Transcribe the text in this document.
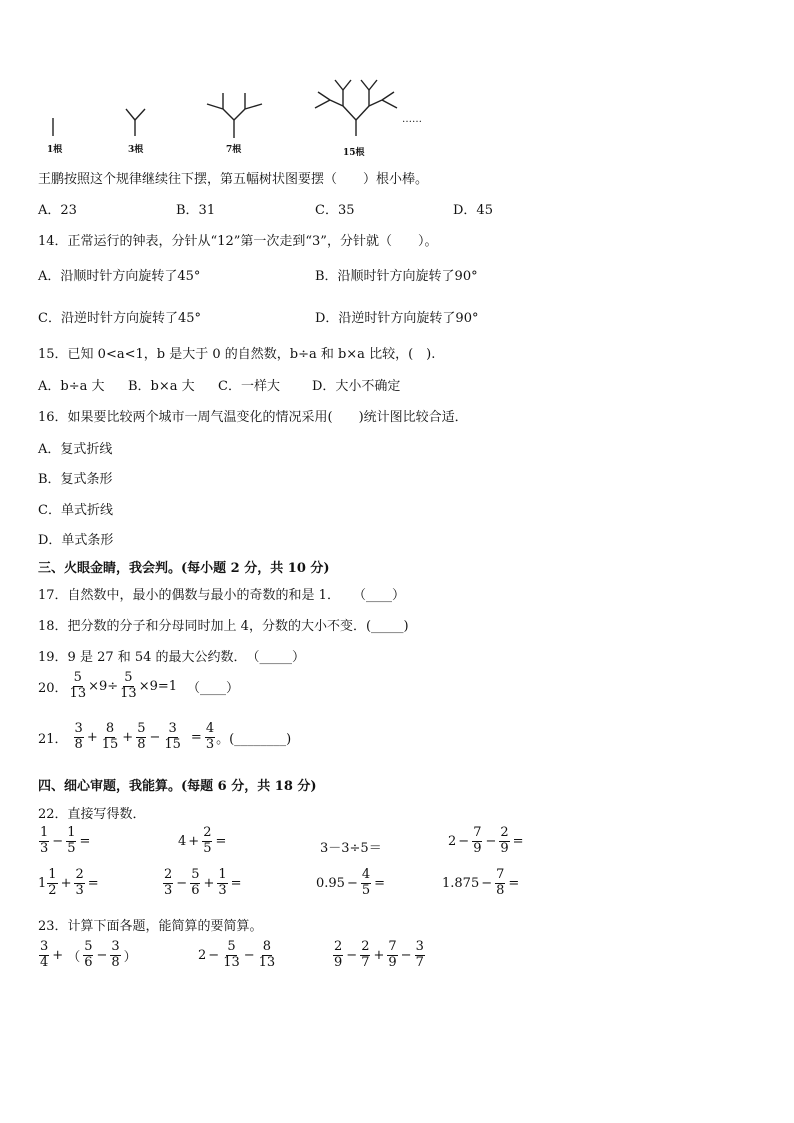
1根	3根	7根	15根
……
王鹏按照这个规律继续往下摆，第五幅树状图要摆（　　）根小棒。
A．23	B．31	C．35	D．45
14．正常运行的钟表，分针从“12”第一次走到“3”，分针就（　　）。
A．沿顺时针方向旋转了45°	B．沿顺时针方向旋转了90°
C．沿逆时针方向旋转了45°	D．沿逆时针方向旋转了90°
15．已知 0<a<1，b 是大于 0 的自然数，b÷a 和 b×a 比较，(　).
A．b÷a 大 B．b×a 大 C．一样大 D．大小不确定
16．如果要比较两个城市一周气温变化的情况采用(　　)统计图比较合适．
A．复式折线
B．复式条形
C．单式折线
D．单式条形
三、火眼金睛，我会判。(每小题 2 分，共 10 分)
17．自然数中，最小的偶数与最小的奇数的和是 1．　　（____）
18．把分数的分子和分母同时加上 4，分数的大小不变．(_____)
19．9 是 27 和 54 的最大公约数．　（_____）
20． $\frac{5}{13} \times 9\div \frac{5}{13} \times 9=1$ （____）
21． $\frac{3}{8} + \frac{8}{15} + \frac{5}{8} - \frac{3}{15} = \frac{4}{3}$ 。(________)
四、细心审题，我能算。(每题 6 分，共 18 分)
22．直接写得数．
$\frac{1}{3} - \frac{1}{5}$ =	$4 + \frac{2}{5}$ =	3－3÷5＝	$2 - \frac{7}{9} - \frac{2}{9}$ =
$1 \frac{1}{2} + \frac{2}{3}$ =	$\frac{2}{3} - \frac{5}{6} + \frac{1}{3}$ =	$0.95 - \frac{4}{5}$ =	$1.875 - \frac{7}{8}$ =
23．计算下面各题，能简算的要简算。
$\frac{3}{4}$ + （ $\frac{5}{6} - \frac{3}{8}$ ）	$2 - \frac{5}{13} - \frac{8}{13}$	$\frac{2}{9} - \frac{2}{7} + \frac{7}{9} - \frac{3}{7}$
